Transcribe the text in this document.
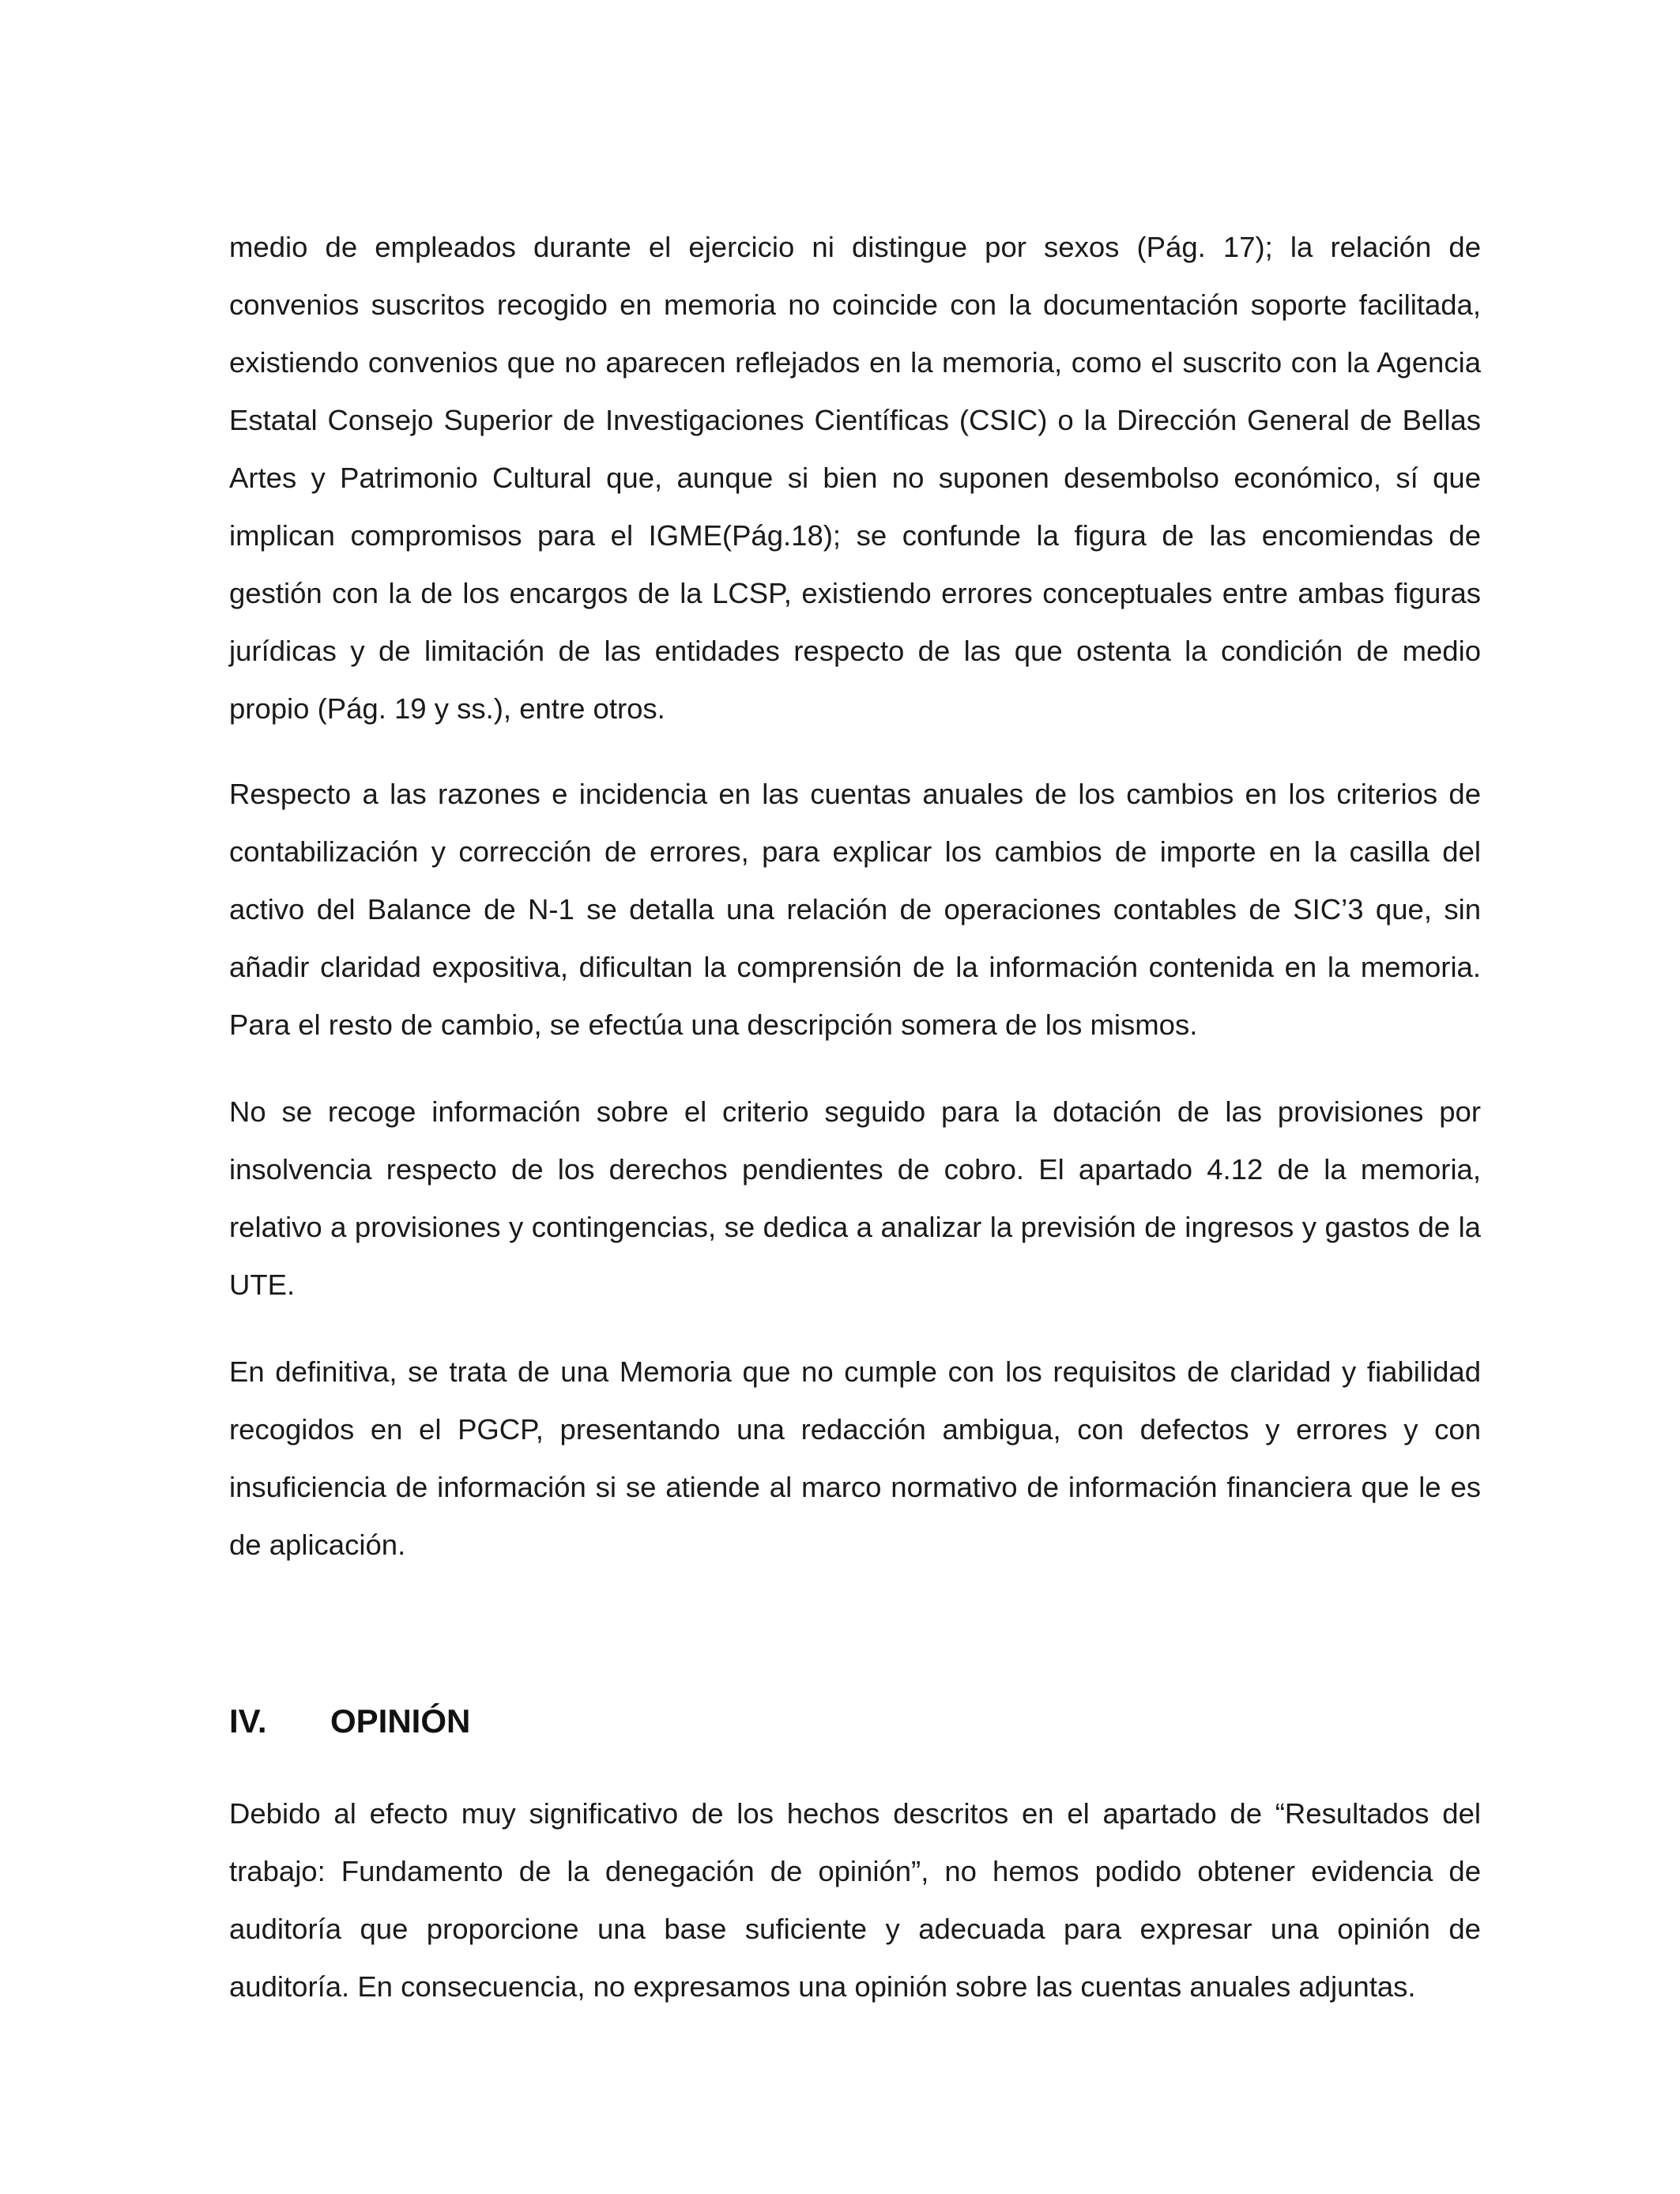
medio de empleados durante el ejercicio ni distingue por sexos (Pág. 17); la relación de convenios suscritos recogido en memoria no coincide con la documentación soporte facilitada, existiendo convenios que no aparecen reflejados en la memoria, como el suscrito con la Agencia Estatal Consejo Superior de Investigaciones Científicas (CSIC) o la Dirección General de Bellas Artes y Patrimonio Cultural que, aunque si bien no suponen desembolso económico, sí que implican compromisos para el IGME(Pág.18); se confunde la figura de las encomiendas de gestión con la de los encargos de la LCSP, existiendo errores conceptuales entre ambas figuras jurídicas y de limitación de las entidades respecto de las que ostenta la condición de medio propio (Pág. 19 y ss.), entre otros.

Respecto a las razones e incidencia en las cuentas anuales de los cambios en los criterios de contabilización y corrección de errores, para explicar los cambios de importe en la casilla del activo del Balance de N-1 se detalla una relación de operaciones contables de SIC’3 que, sin añadir claridad expositiva, dificultan la comprensión de la información contenida en la memoria. Para el resto de cambio, se efectúa una descripción somera de los mismos.

No se recoge información sobre el criterio seguido para la dotación de las provisiones por insolvencia respecto de los derechos pendientes de cobro. El apartado 4.12 de la memoria, relativo a provisiones y contingencias, se dedica a analizar la previsión de ingresos y gastos de la UTE.

En definitiva, se trata de una Memoria que no cumple con los requisitos de claridad y fiabilidad recogidos en el PGCP, presentando una redacción ambigua, con defectos y errores y con insuficiencia de información si se atiende al marco normativo de información financiera que le es de aplicación.

IV.	OPINIÓN

Debido al efecto muy significativo de los hechos descritos en el apartado de “Resultados del trabajo: Fundamento de la denegación de opinión”, no hemos podido obtener evidencia de auditoría que proporcione una base suficiente y adecuada para expresar una opinión de auditoría. En consecuencia, no expresamos una opinión sobre las cuentas anuales adjuntas.
